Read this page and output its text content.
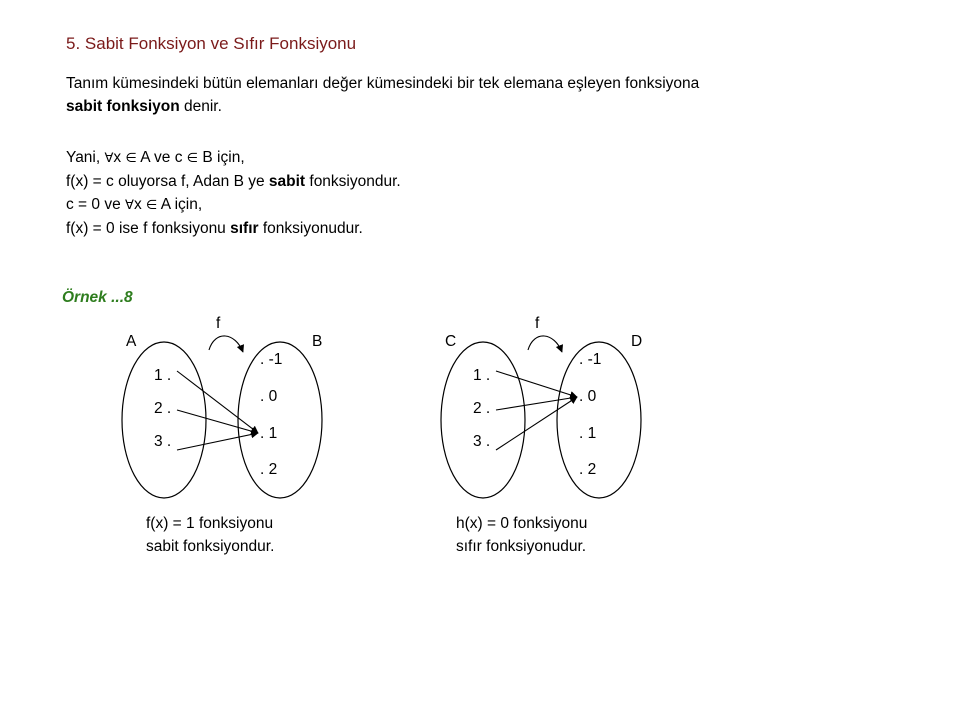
5. Sabit Fonksiyon ve Sıfır Fonksiyonu
Tanım kümesindeki bütün elemanları değer kümesindeki bir tek elemana eşleyen fonksiyona
sabit fonksiyon denir.
Yani, ∀x ∈ A ve c ∈ B için,
f(x) = c oluyorsa f, Adan B ye sabit fonksiyondur.
c = 0 ve ∀x ∈ A için,
f(x) = 0 ise f fonksiyonu sıfır fonksiyonudur.
Örnek ...8
A	B
f
1 .
2 .
3 .
. -1
. 0
. 1
. 2
C	D
f
1 .
2 .
3 .
. -1
. 0
. 1
. 2
f(x) = 1 fonksiyonu
sabit fonksiyondur.
h(x) = 0 fonksiyonu
sıfır fonksiyonudur.
